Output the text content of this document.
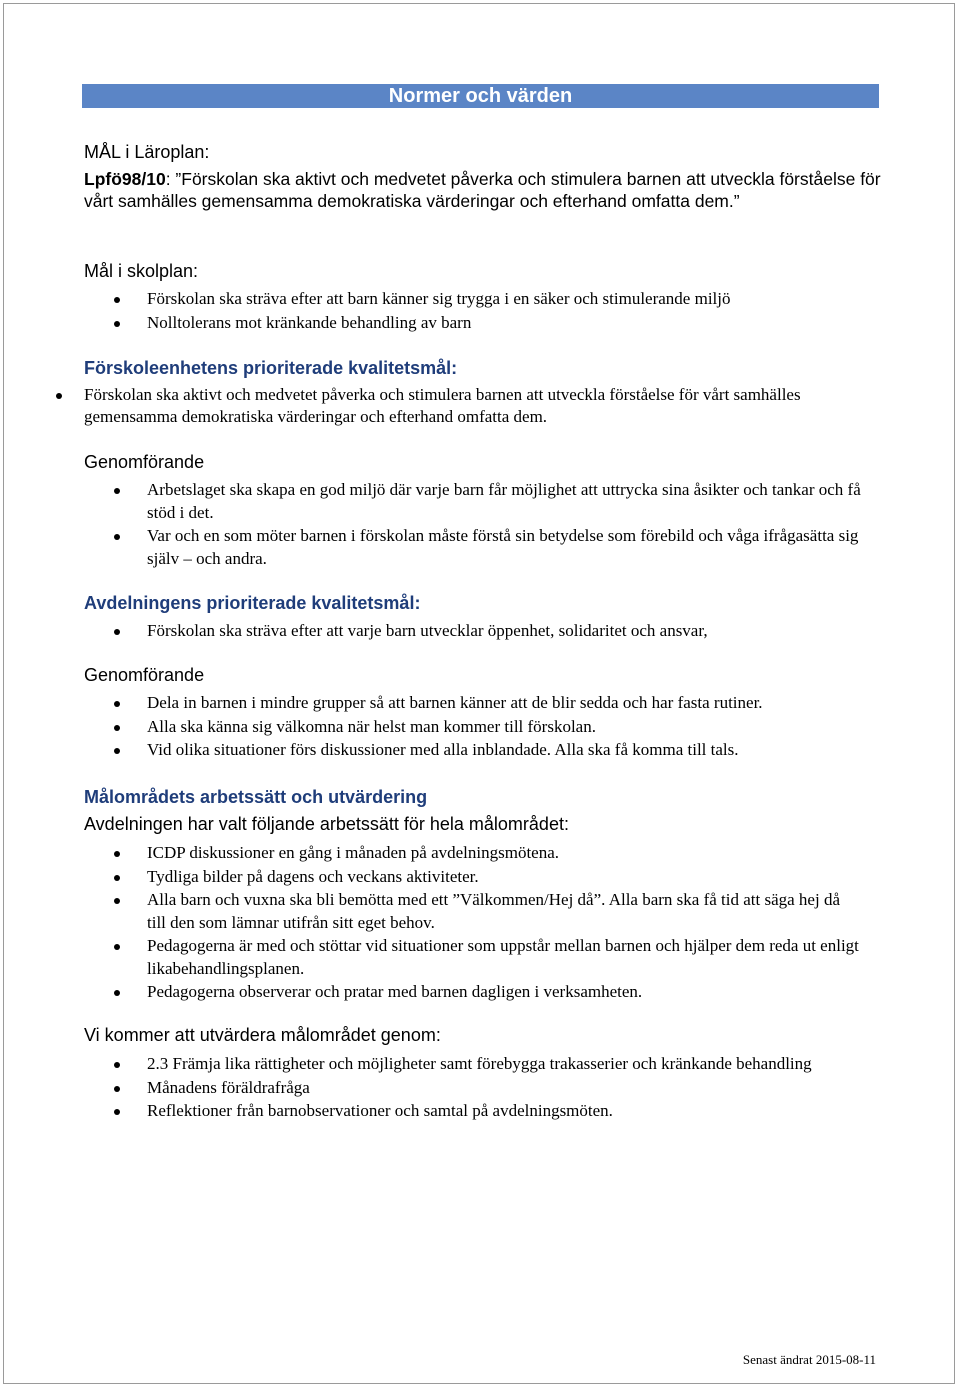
Normer och värden
MÅL i Läroplan:
Lpfö98/10: ”Förskolan ska aktivt och medvetet påverka och stimulera barnen att utveckla förståelse för vårt samhälles gemensamma demokratiska värderingar och efterhand omfatta dem.”
Mål i skolplan:
Förskolan ska sträva efter att barn känner sig trygga i en säker och stimulerande miljö
Nolltolerans mot kränkande behandling av barn
Förskoleenhetens prioriterade kvalitetsmål:
Förskolan ska aktivt och medvetet påverka och stimulera barnen att utveckla förståelse för vårt samhälles gemensamma demokratiska värderingar och efterhand omfatta dem.
Genomförande
Arbetslaget ska skapa en god miljö där varje barn får möjlighet att uttrycka sina åsikter och tankar och få stöd i det.
Var och en som möter barnen i förskolan måste förstå sin betydelse som förebild och våga ifrågasätta sig själv – och andra.
Avdelningens prioriterade kvalitetsmål:
Förskolan ska sträva efter att varje barn utvecklar öppenhet, solidaritet och ansvar,
Genomförande
Dela in barnen i mindre grupper så att barnen känner att de blir sedda och har fasta rutiner.
Alla ska känna sig välkomna när helst man kommer till förskolan.
Vid olika situationer förs diskussioner med alla inblandade. Alla ska få komma till tals.
Målområdets arbetssätt och utvärdering
Avdelningen har valt följande arbetssätt för hela målområdet:
ICDP diskussioner en gång i månaden på avdelningsmötena.
Tydliga bilder på dagens och veckans aktiviteter.
Alla barn och vuxna ska bli bemötta med ett ”Välkommen/Hej då”. Alla barn ska få tid att säga hej då till den som lämnar utifrån sitt eget behov.
Pedagogerna är med och stöttar vid situationer som uppstår mellan barnen och hjälper dem reda ut enligt likabehandlingsplanen.
Pedagogerna observerar och pratar med barnen dagligen i verksamheten.
Vi kommer att utvärdera målområdet genom:
2.3 Främja lika rättigheter och möjligheter samt förebygga trakasserier och kränkande behandling
Månadens föräldrafråga
Reflektioner från barnobservationer och samtal på avdelningsmöten.
Senast ändrat 2015-08-11
